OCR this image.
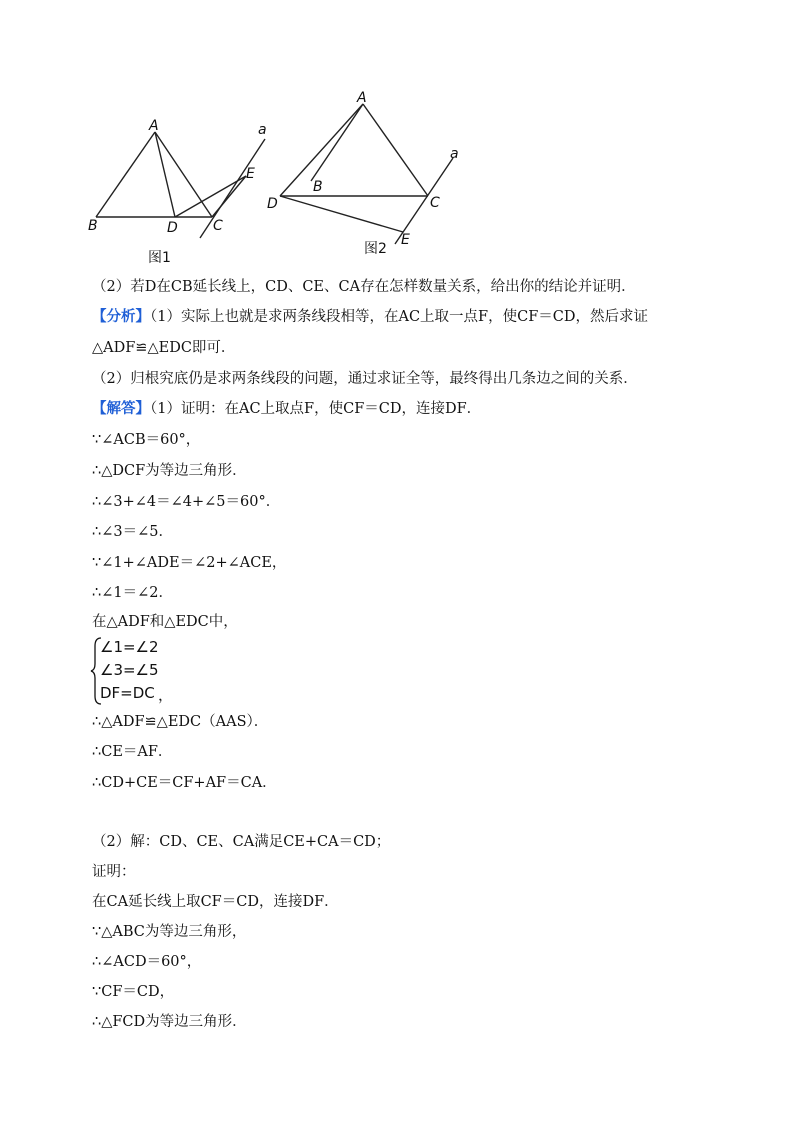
A
B	D	C
E
a
图1
A
B
D	C
E
a
图2
（2）若D在CB延长线上，CD、CE、CA存在怎样数量关系，给出你的结论并证明．
【分析】（1）实际上也就是求两条线段相等，在AC上取一点F，使CF＝CD，然后求证
△ADF≌△EDC即可．
（2）归根究底仍是求两条线段的问题，通过求证全等，最终得出几条边之间的关系．
【解答】（1）证明：在AC上取点F，使CF＝CD，连接DF．
∵∠ACB＝60°，
∴△DCF为等边三角形．
∴∠3+∠4＝∠4+∠5＝60°．
∴∠3＝∠5．
∵∠1+∠ADE＝∠2+∠ACE，
∴∠1＝∠2．
在△ADF和△EDC中，
∠1=∠2
∠3=∠5
DF=DC ，
∴△ADF≌△EDC（AAS）．
∴CE＝AF．
∴CD+CE＝CF+AF＝CA．
（2）解：CD、CE、CA满足CE+CA＝CD；
证明：
在CA延长线上取CF＝CD，连接DF．
∵△ABC为等边三角形，
∴∠ACD＝60°，
∵CF＝CD，
∴△FCD为等边三角形．
